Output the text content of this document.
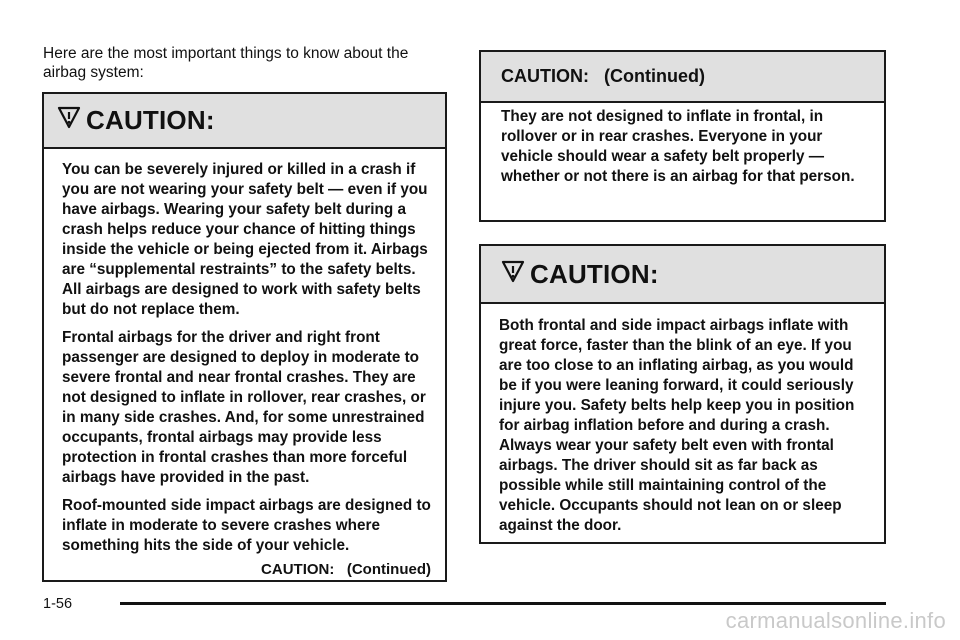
Here are the most important things to know about the airbag system:
CAUTION:

You can be severely injured or killed in a crash if you are not wearing your safety belt — even if you have airbags. Wearing your safety belt during a crash helps reduce your chance of hitting things inside the vehicle or being ejected from it. Airbags are “supplemental restraints” to the safety belts. All airbags are designed to work with safety belts but do not replace them.

Frontal airbags for the driver and right front passenger are designed to deploy in moderate to severe frontal and near frontal crashes. They are not designed to inflate in rollover, rear crashes, or in many side crashes. And, for some unrestrained occupants, frontal airbags may provide less protection in frontal crashes than more forceful airbags have provided in the past.

Roof-mounted side impact airbags are designed to inflate in moderate to severe crashes where something hits the side of your vehicle.

CAUTION:   (Continued)
CAUTION:   (Continued)

They are not designed to inflate in frontal, in rollover or in rear crashes. Everyone in your vehicle should wear a safety belt properly — whether or not there is an airbag for that person.

CAUTION:

Both frontal and side impact airbags inflate with great force, faster than the blink of an eye. If you are too close to an inflating airbag, as you would be if you were leaning forward, it could seriously injure you. Safety belts help keep you in position for airbag inflation before and during a crash. Always wear your safety belt even with frontal airbags. The driver should sit as far back as possible while still maintaining control of the vehicle. Occupants should not lean on or sleep against the door.

1-56
carmanualsonline.info
